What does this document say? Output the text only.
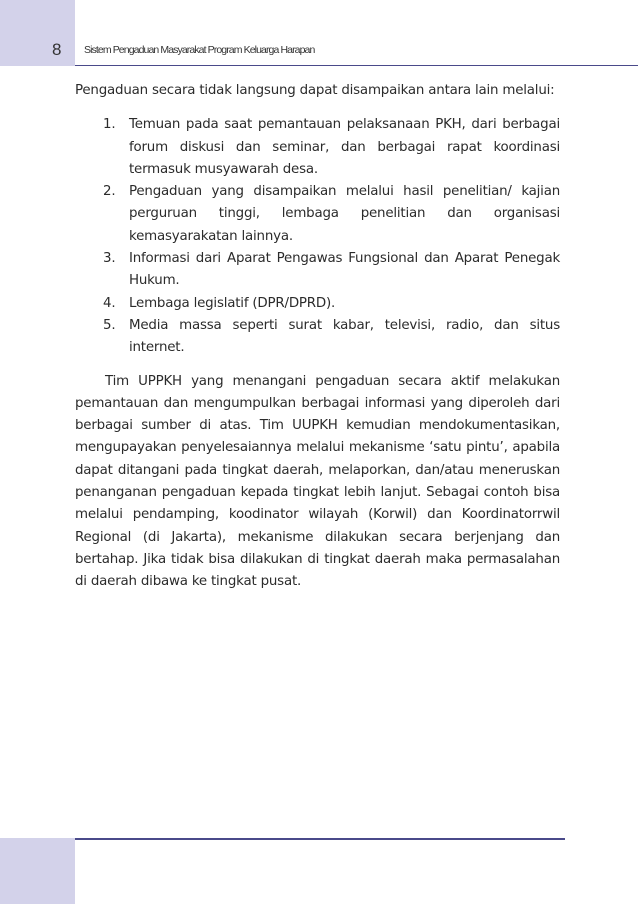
8 Sistem Pengaduan Masyarakat Program Keluarga Harapan

Pengaduan secara tidak langsung dapat disampaikan antara lain melalui:

1. Temuan pada saat pemantauan pelaksanaan PKH, dari berbagai forum diskusi dan seminar, dan berbagai rapat koordinasi termasuk musyawarah desa.
2. Pengaduan yang disampaikan melalui hasil penelitian/ kajian perguruan tinggi, lembaga penelitian dan organisasi kemasyarakatan lainnya.
3. Informasi dari Aparat Pengawas Fungsional dan Aparat Penegak Hukum.
4. Lembaga legislatif (DPR/DPRD).
5. Media massa seperti surat kabar, televisi, radio, dan situs internet.

Tim UPPKH yang menangani pengaduan secara aktif melakukan pemantauan dan mengumpulkan berbagai informasi yang diperoleh dari berbagai sumber di atas. Tim UUPKH kemudian mendokumentasikan, mengupayakan penyelesaiannya melalui mekanisme ‘satu pintu’, apabila dapat ditangani pada tingkat daerah, melaporkan, dan/atau meneruskan penanganan pengaduan kepada tingkat lebih lanjut. Sebagai contoh bisa melalui pendamping, koodinator wilayah (Korwil) dan Koordinatorrwil Regional (di Jakarta), mekanisme dilakukan secara berjenjang dan bertahap. Jika tidak bisa dilakukan di tingkat daerah maka permasalahan di daerah dibawa ke tingkat pusat.
